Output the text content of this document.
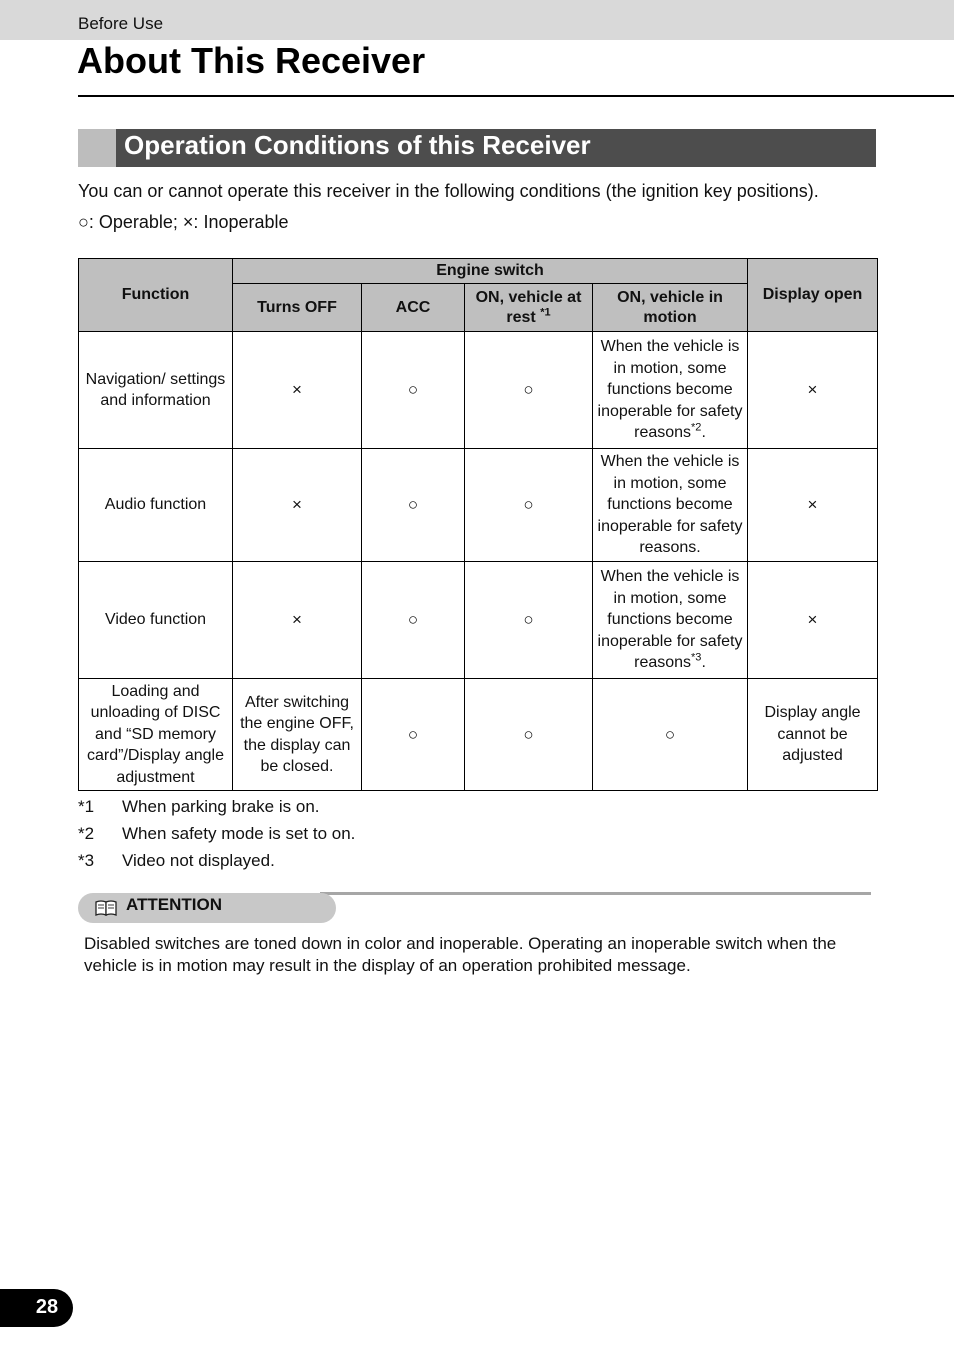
Before Use
About This Receiver
Operation Conditions of this Receiver
You can or cannot operate this receiver in the following conditions (the ignition key positions).
○: Operable; ×: Inoperable
Function	Engine switch				Display open
	Turns OFF	ACC	ON, vehicle at rest $^{*1}$	ON, vehicle in motion	
Navigation/ settings and information	×	○	○	When the vehicle is in motion, some functions become inoperable for safety reasons$^{*2}$.	×
Audio function	×	○	○	When the vehicle is in motion, some functions become inoperable for safety reasons.	×
Video function	×	○	○	When the vehicle is in motion, some functions become inoperable for safety reasons$^{*3}$.	×
Loading and unloading of DISC and “SD memory card”/Display angle adjustment	After switching the engine OFF, the display can be closed.	○	○	○	Display angle cannot be adjusted
*1 When parking brake is on.
*2 When safety mode is set to on.
*3 Video not displayed.
ATTENTION
Disabled switches are toned down in color and inoperable. Operating an inoperable switch when the vehicle is in motion may result in the display of an operation prohibited message.
28
